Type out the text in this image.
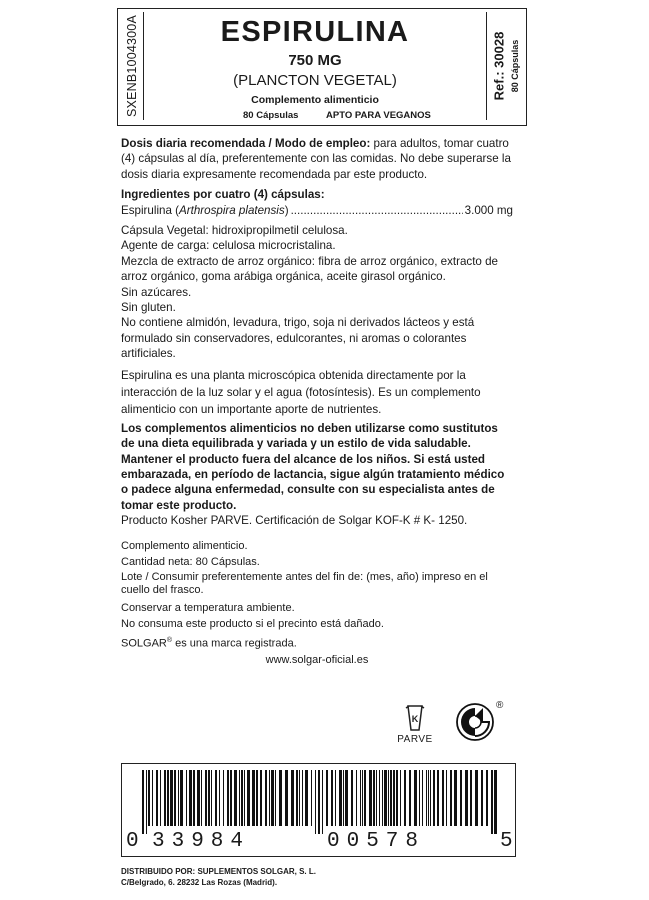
SXENB1004300A	Ref.: 30028 80 Cápsulas
ESPIRULINA
750 MG
(PLANCTON VEGETAL)
Complemento alimenticio
80 Cápsulas	APTO PARA VEGANOS

Dosis diaria recomendada / Modo de empleo: para adultos, tomar cuatro (4) cápsulas al día, preferentemente con las comidas. No debe superarse la dosis diaria expresamente recomendada par este producto.

Ingredientes por cuatro (4) cápsulas:

Espirulina (Arthrospira platensis)
.....	3.000 mg

Cápsula Vegetal: hidroxipropilmetil celulosa.

Agente de carga: celulosa microcristalina.

Mezcla de extracto de arroz orgánico: fibra de arroz orgánico, extracto de arroz orgánico, goma arábiga orgánica, aceite girasol orgánico.

Sin azúcares.

Sin gluten.

No contiene almidón, levadura, trigo, soja ni derivados lácteos y está formulado sin conservadores, edulcorantes, ni aromas o colorantes artificiales.

Espirulina es una planta microscópica obtenida directamente por la interacción de la luz solar y el agua (fotosíntesis). Es un complemento alimenticio con un importante aporte de nutrientes.

Los complementos alimenticios no deben utilizarse como sustitutos de una dieta equilibrada y variada y un estilo de vida saludable. Mantener el producto fuera del alcance de los niños. Si está usted embarazada, en período de lactancia, sigue algún tratamiento médico o padece alguna enfermedad, consulte con su especialista antes de tomar este producto.

Producto Kosher PARVE. Certificación de Solgar KOF-K # K- 1250.

Complemento alimenticio.

Cantidad neta: 80 Cápsulas.

Lote / Consumir preferentemente antes del fin de: (mes, año) impreso en el cuello del frasco.

Conservar a temperatura ambiente.

No consuma este producto si el precinto está dañado.

SOLGAR® es una marca registrada.

www.solgar-oficial.es

K
PARVE
®
0 33984	00578	5
DISTRIBUIDO POR: SUPLEMENTOS SOLGAR, S. L.
C/Belgrado, 6. 28232 Las Rozas (Madrid).
